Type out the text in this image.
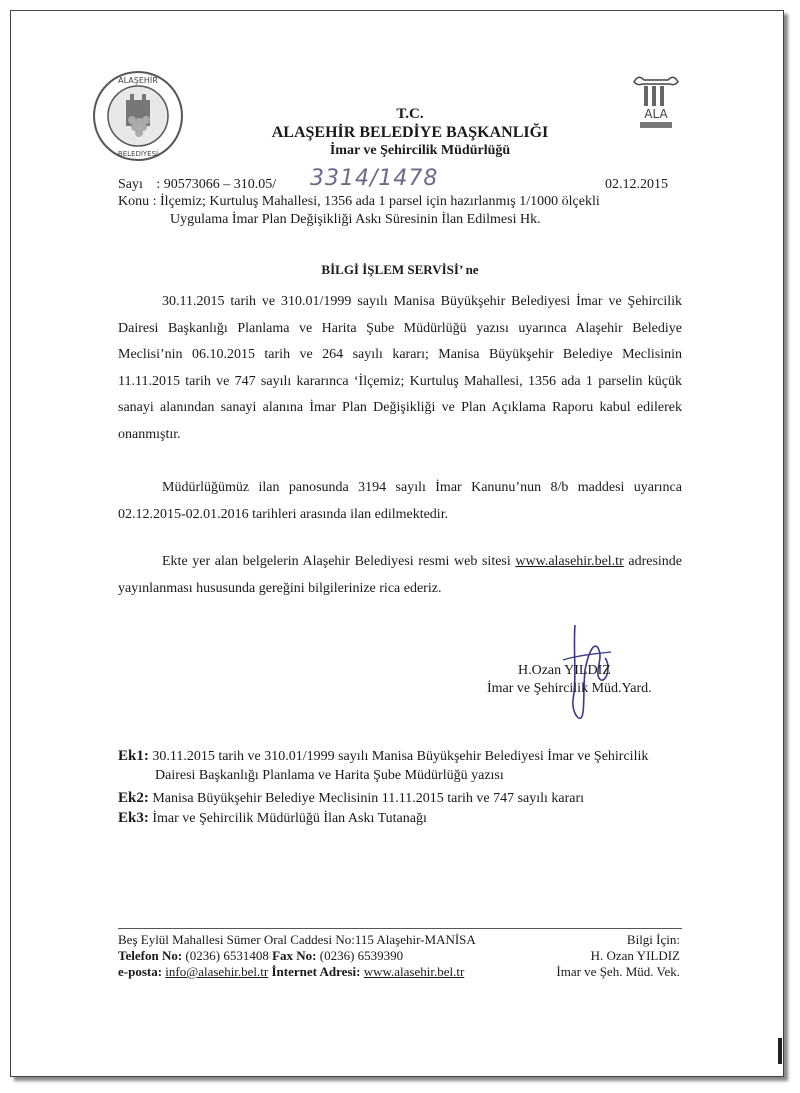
ALAŞEHİR
BELEDİYESİ
ALA
T.C.
ALAŞEHİR BELEDİYE BAŞKANLIĞI
İmar ve Şehircilik Müdürlüğü
Sayı : 90573066 – 310.05/ 3314/1478	02.12.2015
Konu : İlçemiz; Kurtuluş Mahallesi, 1356 ada 1 parsel için hazırlanmış 1/1000 ölçekli
Uygulama İmar Plan Değişikliği Askı Süresinin İlan Edilmesi Hk.
BİLGİ İŞLEM SERVİSİ’ ne
30.11.2015 tarih ve 310.01/1999 sayılı Manisa Büyükşehir Belediyesi İmar ve Şehircilik Dairesi Başkanlığı Planlama ve Harita Şube Müdürlüğü yazısı uyarınca Alaşehir Belediye Meclisi’nin 06.10.2015 tarih ve 264 sayılı kararı; Manisa Büyükşehir Belediye Meclisinin 11.11.2015 tarih ve 747 sayılı kararınca ‘İlçemiz; Kurtuluş Mahallesi, 1356 ada 1 parselin küçük sanayi alanından sanayi alanına İmar Plan Değişikliği ve Plan Açıklama Raporu kabul edilerek onanmıştır.
Müdürlüğümüz ilan panosunda 3194 sayılı İmar Kanunu’nun 8/b maddesi uyarınca 02.12.2015-02.01.2016 tarihleri arasında ilan edilmektedir.
Ekte yer alan belgelerin Alaşehir Belediyesi resmi web sitesi www.alasehir.bel.tr adresinde yayınlanması hususunda gereğini bilgilerinize rica ederiz.
H.Ozan YILDIZ
İmar ve Şehircilik Müd.Yard.
Ek1: 30.11.2015 tarih ve 310.01/1999 sayılı Manisa Büyükşehir Belediyesi İmar ve Şehircilik
Dairesi Başkanlığı Planlama ve Harita Şube Müdürlüğü yazısı
Ek2: Manisa Büyükşehir Belediye Meclisinin 11.11.2015 tarih ve 747 sayılı kararı
Ek3: İmar ve Şehircilik Müdürlüğü İlan Askı Tutanağı
Beş Eylül Mahallesi Sümer Oral Caddesi No:115 Alaşehir-MANİSA
Telefon No: (0236) 6531408 Fax No: (0236) 6539390
e-posta: info@alasehir.bel.tr İnternet Adresi: www.alasehir.bel.tr
Bilgi İçin:
H. Ozan YILDIZ
İmar ve Şeh. Müd. Vek.
